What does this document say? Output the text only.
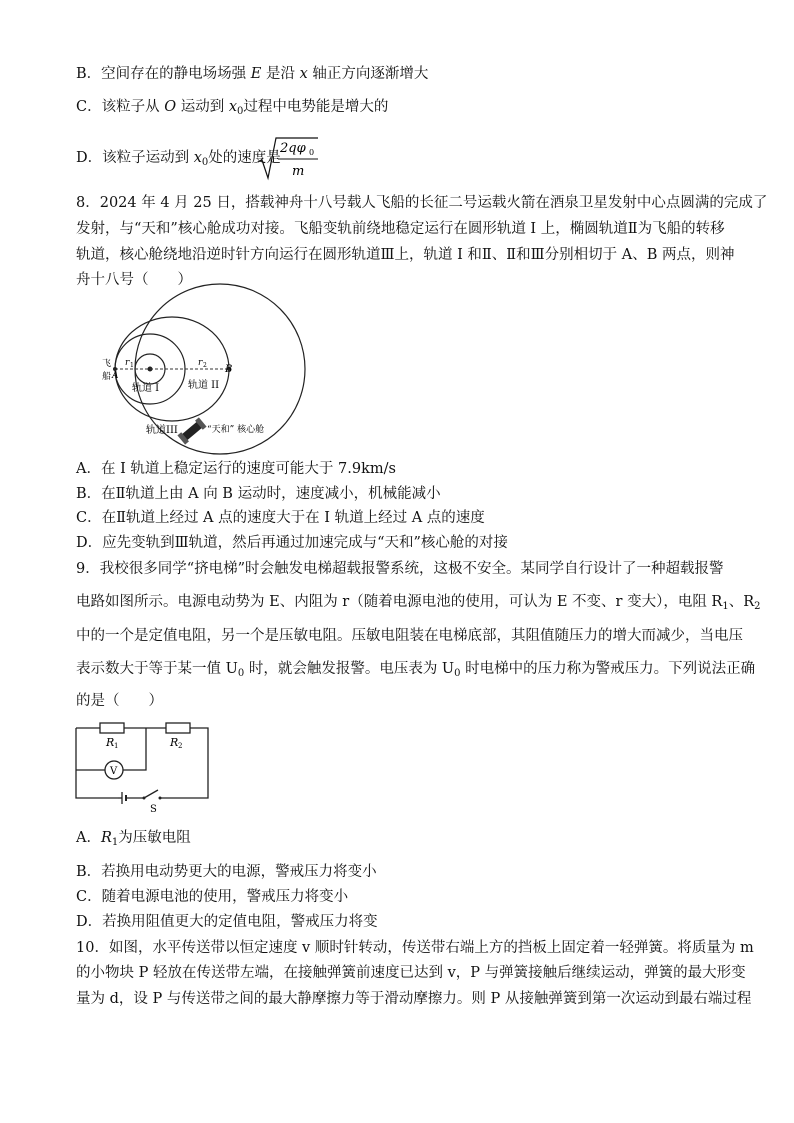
B．空间存在的静电场场强 E 是沿 x 轴正方向逐渐增大
C．该粒子从 O 运动到 $x_0$过程中电势能是增大的
D．该粒子运动到 $x_0$处的速度是
2qφ 0
m
8．2024 年 4 月 25 日，搭载神舟十八号载人飞船的长征二号运载火箭在酒泉卫星发射中心点圆满的完成了
发射，与“天和”核心舱成功对接。飞船变轨前绕地稳定运行在圆形轨道 I 上，椭圆轨道Ⅱ为飞船的转移
轨道，核心舱绕地沿逆时针方向运行在圆形轨道Ⅲ上，轨道 I 和Ⅱ、Ⅱ和Ⅲ分别相切于 A、B 两点，则神
舟十八号（　　）
飞
船 A
B
r 1	r 2
轨道 I	轨道 II
轨道III	“天和” 核心舱
A．在 I 轨道上稳定运行的速度可能大于 7.9km/s
B．在Ⅱ轨道上由 A 向 B 运动时，速度减小，机械能减小
C．在Ⅱ轨道上经过 A 点的速度大于在 I 轨道上经过 A 点的速度
D．应先变轨到Ⅲ轨道，然后再通过加速完成与“天和”核心舱的对接
9．我校很多同学“挤电梯”时会触发电梯超载报警系统，这极不安全。某同学自行设计了一种超载报警
电路如图所示。电源电动势为 E、内阻为 r（随着电源电池的使用，可认为 E 不变、r 变大），电阻 $R_1$、$R_2$
中的一个是定值电阻，另一个是压敏电阻。压敏电阻装在电梯底部，其阻值随压力的增大而减少，当电压
表示数大于等于某一值 $U_0$ 时，就会触发报警。电压表为 $U_0$ 时电梯中的压力称为警戒压力。下列说法正确
的是（　　）
V
R 1	R 2
S
A．$R_1$为压敏电阻
B．若换用电动势更大的电源，警戒压力将变小
C．随着电源电池的使用，警戒压力将变小
D．若换用阻值更大的定值电阻，警戒压力将变
10．如图，水平传送带以恒定速度 v 顺时针转动，传送带右端上方的挡板上固定着一轻弹簧。将质量为 m
的小物块 P 轻放在传送带左端，在接触弹簧前速度已达到 v，P 与弹簧接触后继续运动，弹簧的最大形变
量为 d，设 P 与传送带之间的最大静摩擦力等于滑动摩擦力。则 P 从接触弹簧到第一次运动到最右端过程
